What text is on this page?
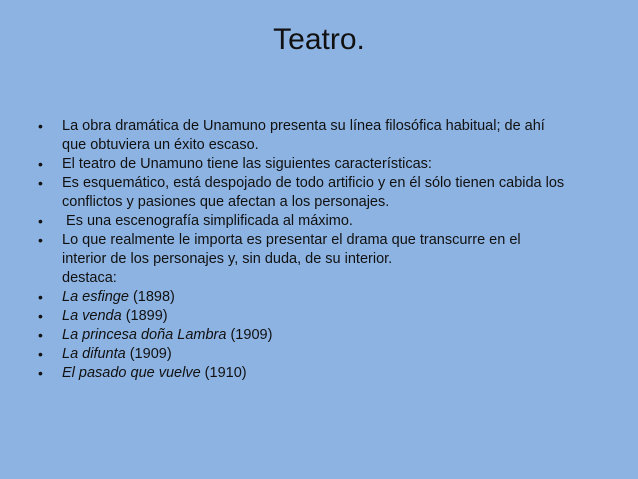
Teatro.
•	La obra dramática de Unamuno presenta su línea filosófica habitual; de ahí
que obtuviera un éxito escaso.
•	El teatro de Unamuno tiene las siguientes características:
•	Es esquemático, está despojado de todo artificio y en él sólo tienen cabida los
conflictos y pasiones que afectan a los personajes.
•	Es una escenografía simplificada al máximo.
•	Lo que realmente le importa es presentar el drama que transcurre en el
interior de los personajes y, sin duda, de su interior.
destaca:
•	La esfinge (1898)
•	La venda (1899)
•	La princesa doña Lambra (1909)
•	La difunta (1909)
•	El pasado que vuelve (1910)
